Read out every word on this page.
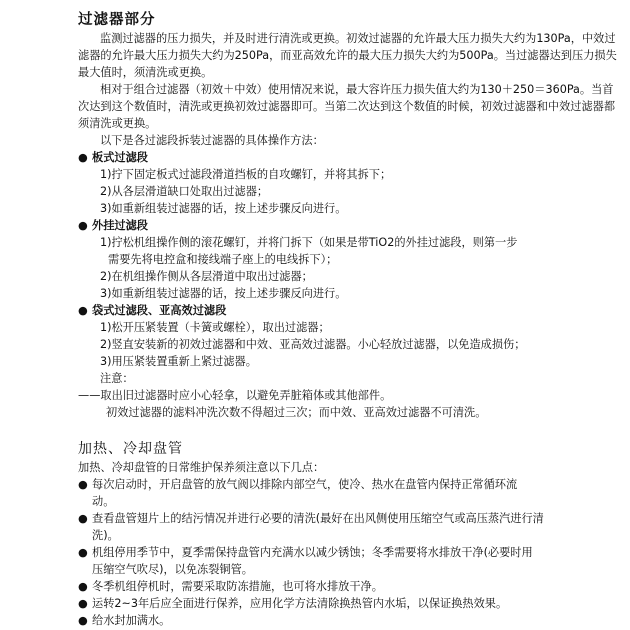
过滤器部分

监测过滤器的压力损失，并及时进行清洗或更换。初效过滤器的允许最大压力损失大约为130Pa，中效过滤器的允许最大压力损失大约为250Pa，而亚高效允许的最大压力损失大约为500Pa。当过滤器达到压力损失最大值时，须清洗或更换。

相对于组合过滤器（初效＋中效）使用情况来说，最大容许压力损失值大约为130＋250＝360Pa。当首次达到这个数值时，清洗或更换初效过滤器即可。当第二次达到这个数值的时候，初效过滤器和中效过滤器都须清洗或更换。

以下是各过滤段拆装过滤器的具体操作方法：

● 板式过滤段

1)拧下固定板式过滤段滑道挡板的自攻螺钉，并将其拆下；

2)从各层滑道缺口处取出过滤器；

3)如重新组装过滤器的话，按上述步骤反向进行。

● 外挂过滤段

1)拧松机组操作侧的滚花螺钉，并将门拆下（如果是带TiO2的外挂过滤段，则第一步

需要先将电控盒和接线端子座上的电线拆下）；

2)在机组操作侧从各层滑道中取出过滤器；

3)如重新组装过滤器的话，按上述步骤反向进行。

● 袋式过滤段、亚高效过滤段

1)松开压紧装置（卡簧或螺栓），取出过滤器；

2)竖直安装新的初效过滤器和中效、亚高效过滤器。小心轻放过滤器，以免造成损伤；

3)用压紧装置重新上紧过滤器。

注意：

——取出旧过滤器时应小心轻拿，以避免弄脏箱体或其他部件。

初效过滤器的滤料冲洗次数不得超过三次；而中效、亚高效过滤器不可清洗。

加热、冷却盘管

加热、冷却盘管的日常维护保养须注意以下几点：

● 每次启动时，开启盘管的放气阀以排除内部空气，使冷、热水在盘管内保持正常循环流

动。

● 查看盘管翅片上的结污情况并进行必要的清洗(最好在出风侧使用压缩空气或高压蒸汽进行清

洗)。

● 机组停用季节中，夏季需保持盘管内充满水以减少锈蚀；冬季需要将水排放干净(必要时用

压缩空气吹尽)，以免冻裂铜管。

● 冬季机组停机时，需要采取防冻措施，也可将水排放干净。

● 运转2~3年后应全面进行保养，应用化学方法清除换热管内水垢，以保证换热效果。

● 给水封加满水。
